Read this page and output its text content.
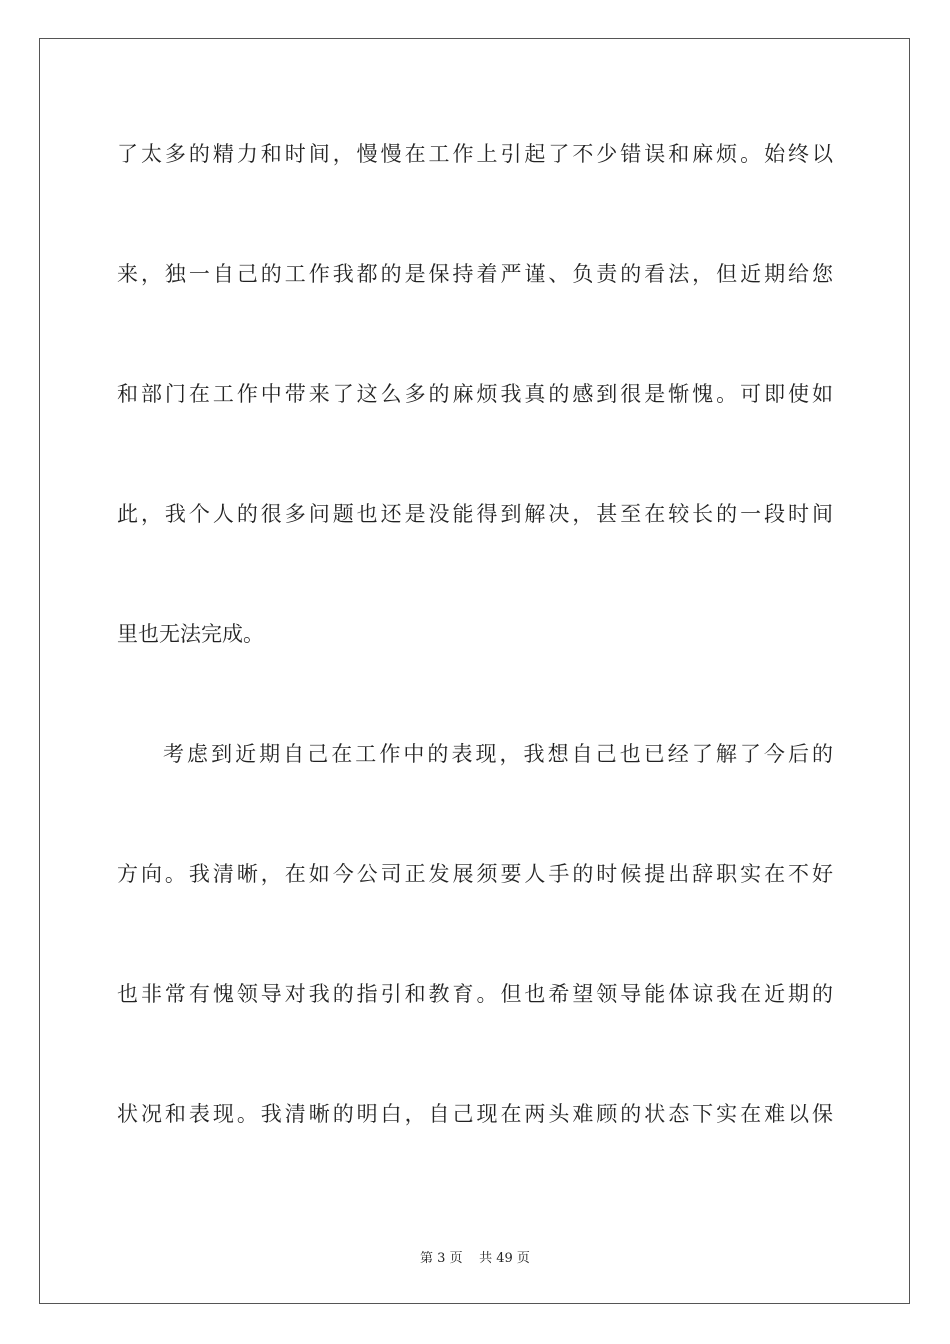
了太多的精力和时间，慢慢在工作上引起了不少错误和麻烦。始终以
来，独一自己的工作我都的是保持着严谨、负责的看法，但近期给您
和部门在工作中带来了这么多的麻烦我真的感到很是惭愧。可即使如
此，我个人的很多问题也还是没能得到解决，甚至在较长的一段时间
里也无法完成。
考虑到近期自己在工作中的表现，我想自己也已经了解了今后的
方向。我清晰，在如今公司正发展须要人手的时候提出辞职实在不好
也非常有愧领导对我的指引和教育。但也希望领导能体谅我在近期的
状况和表现。我清晰的明白，自己现在两头难顾的状态下实在难以保
第 3 页 共 49 页
